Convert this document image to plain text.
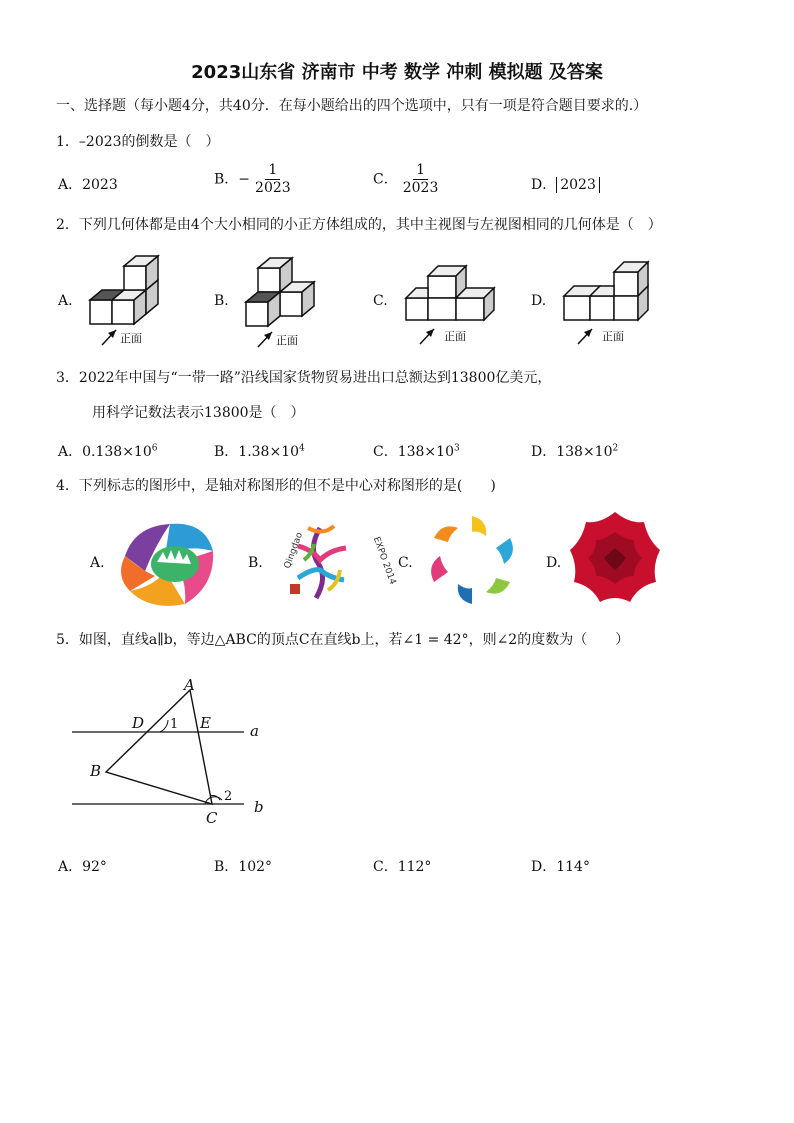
2023山东省 济南市 中考 数学 冲刺 模拟题 及答案
一、选择题（每小题4分，共40分．在每小题给出的四个选项中，只有一项是符合题目要求的.）
1．–2023的倒数是（　）
A．2023	B．− $\frac{1}{2023}$	C． $\frac{1}{2023}$	D． 2023
2．下列几何体都是由4个大小相同的小正方体组成的，其中主视图与左视图相同的几何体是（　）
A.	B.	C.	D.
正面	正面	正面	正面
3．2022年中国与“一带一路”沿线国家货物贸易进出口总额达到13800亿美元，
用科学记数法表示13800是（　）
A．$0.138\times 10^6$	B．$1.38\times 10^4$	C．$138\times 10^3$	D．$138\times 10^2$
4．下列标志的图形中，是轴对称图形的但不是中心对称图形的是(　　)
A.	B.	C.	D.
Qingdao	EXPO 2014
5．如图，直线a∥b，等边△ABC的顶点C在直线b上，若∠1 = 42°，则∠2的度数为（　　）
A
D	E	a
B
C
b
1
2
A．92°	B．102°	C．112°	D．114°
